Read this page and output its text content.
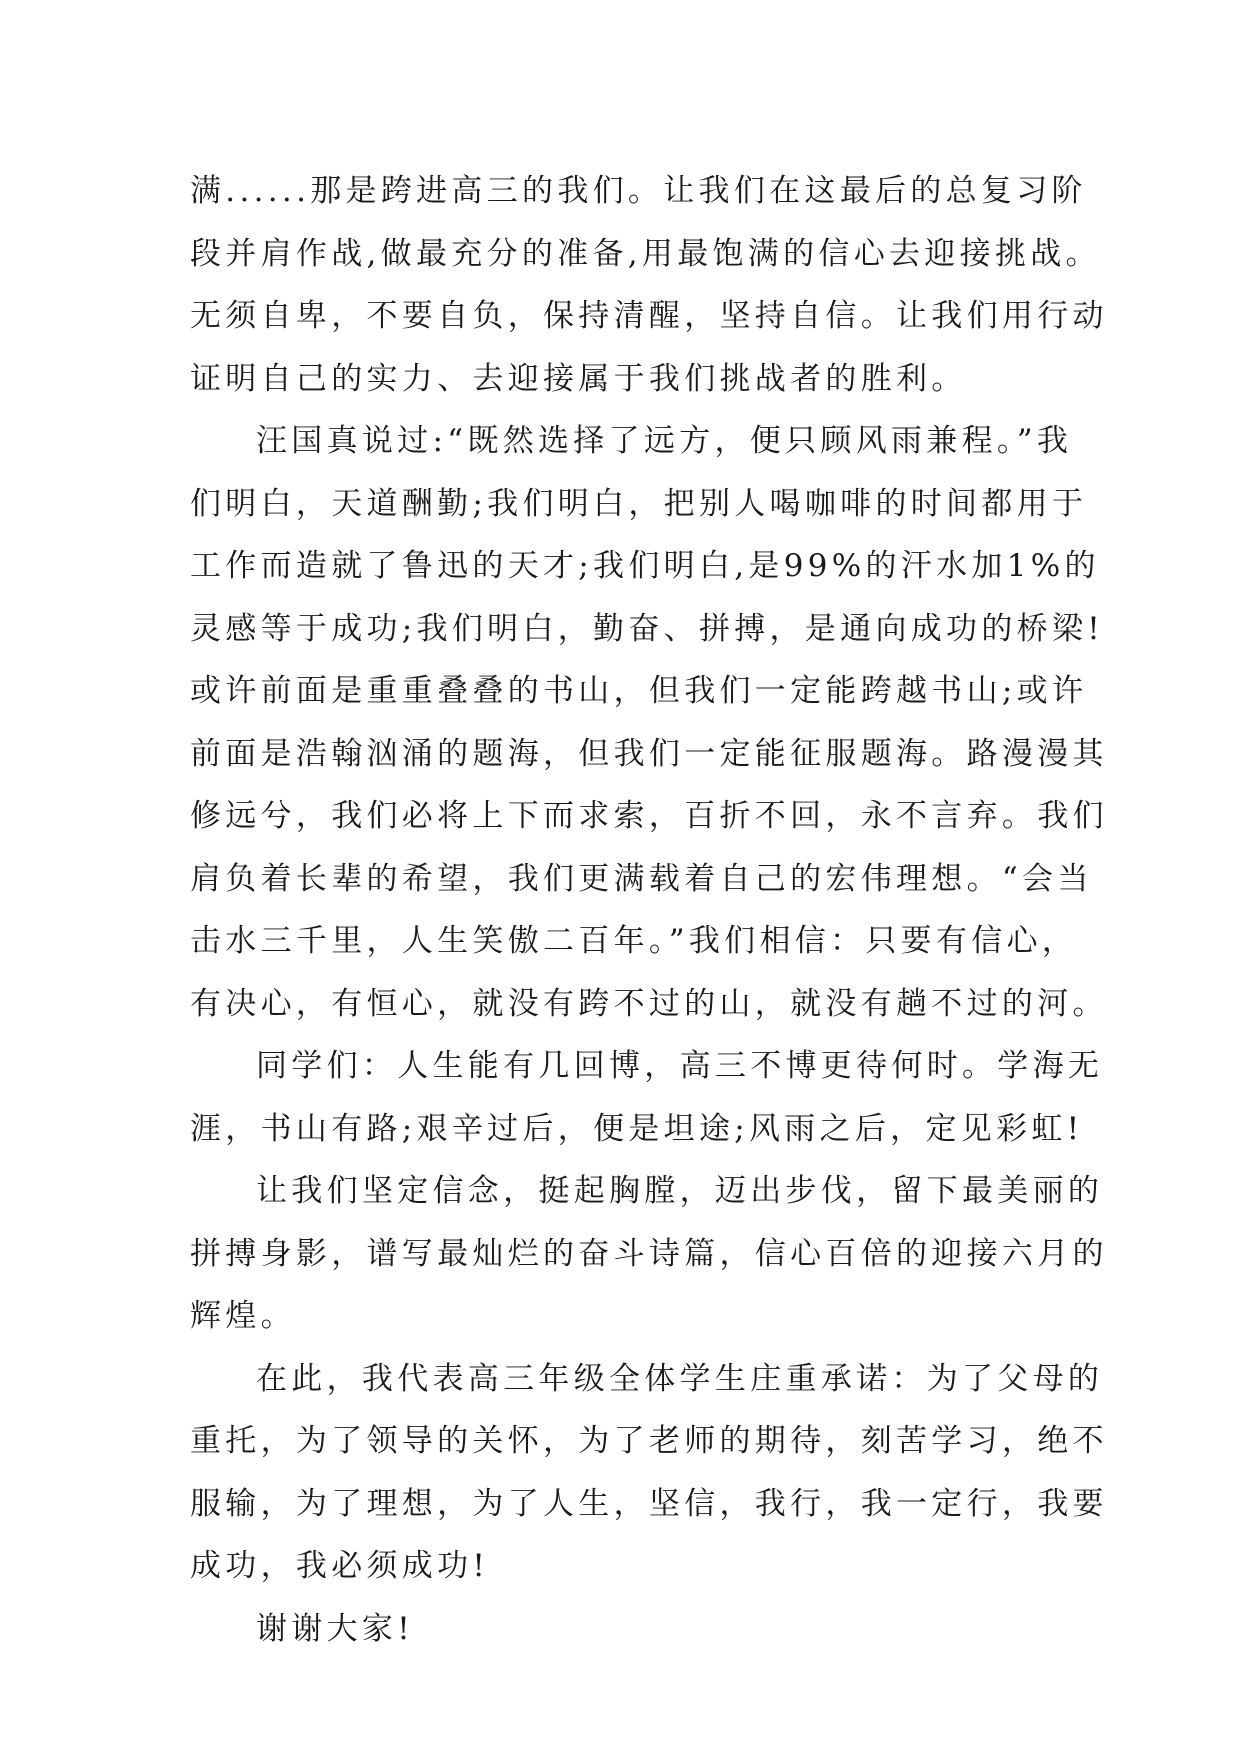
满......那是跨进高三的我们。让我们在这最后的总复习阶
段并肩作战,做最充分的准备,用最饱满的信心去迎接挑战。
无须自卑，不要自负，保持清醒，坚持自信。让我们用行动
证明自己的实力、去迎接属于我们挑战者的胜利。
汪国真说过:“既然选择了远方，便只顾风雨兼程。”我
们明白，天道酬勤;我们明白，把别人喝咖啡的时间都用于
工作而造就了鲁迅的天才;我们明白,是99%的汗水加1%的
灵感等于成功;我们明白，勤奋、拼搏，是通向成功的桥梁!
或许前面是重重叠叠的书山，但我们一定能跨越书山;或许
前面是浩翰汹涌的题海，但我们一定能征服题海。路漫漫其
修远兮，我们必将上下而求索，百折不回，永不言弃。我们
肩负着长辈的希望，我们更满载着自己的宏伟理想。“会当
击水三千里，人生笑傲二百年。”我们相信：只要有信心，
有决心，有恒心，就没有跨不过的山，就没有趟不过的河。
同学们：人生能有几回博，高三不博更待何时。学海无
涯，书山有路;艰辛过后，便是坦途;风雨之后，定见彩虹!
让我们坚定信念，挺起胸膛，迈出步伐，留下最美丽的
拼搏身影，谱写最灿烂的奋斗诗篇，信心百倍的迎接六月的
辉煌。
在此，我代表高三年级全体学生庄重承诺：为了父母的
重托，为了领导的关怀，为了老师的期待，刻苦学习，绝不
服输，为了理想，为了人生，坚信，我行，我一定行，我要
成功，我必须成功!
谢谢大家!
